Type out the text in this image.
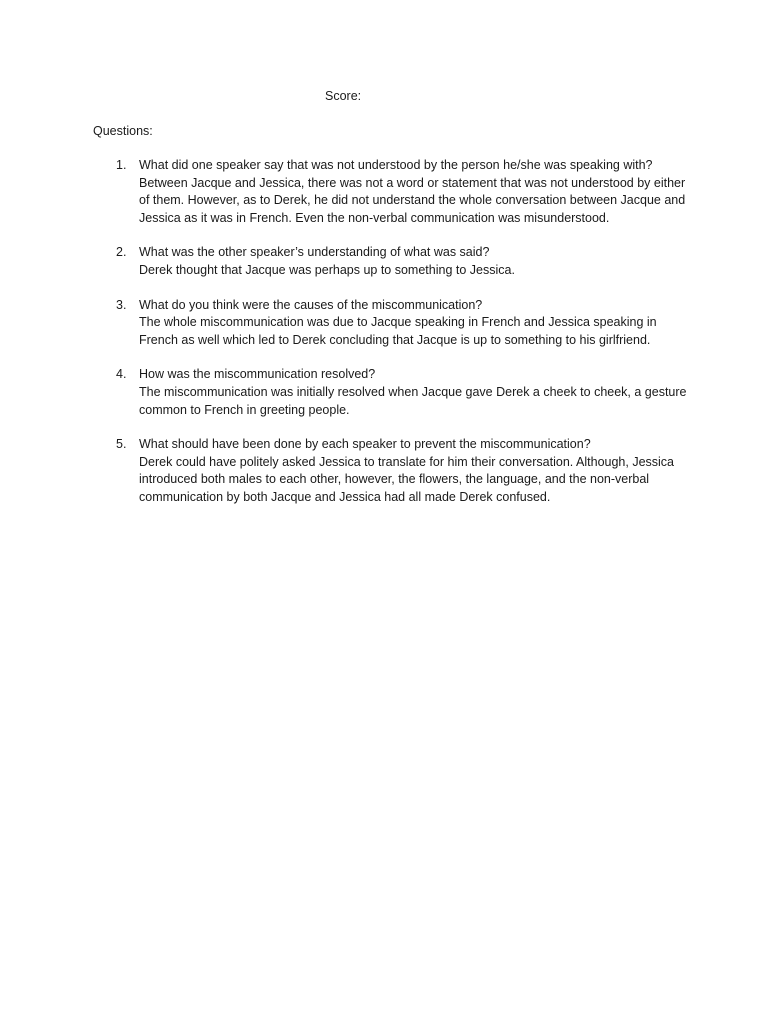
Score:
Questions:
1. What did one speaker say that was not understood by the person he/she was speaking with?
Between Jacque and Jessica, there was not a word or statement that was not understood by either of them. However, as to Derek, he did not understand the whole conversation between Jacque and Jessica as it was in French. Even the non-verbal communication was misunderstood.
2. What was the other speaker’s understanding of what was said?
Derek thought that Jacque was perhaps up to something to Jessica.
3. What do you think were the causes of the miscommunication?
The whole miscommunication was due to Jacque speaking in French and Jessica speaking in French as well which led to Derek concluding that Jacque is up to something to his girlfriend.
4. How was the miscommunication resolved?
The miscommunication was initially resolved when Jacque gave Derek a cheek to cheek, a gesture common to French in greeting people.
5. What should have been done by each speaker to prevent the miscommunication?
Derek could have politely asked Jessica to translate for him their conversation. Although, Jessica introduced both males to each other, however, the flowers, the language, and the non-verbal communication by both Jacque and Jessica had all made Derek confused.
